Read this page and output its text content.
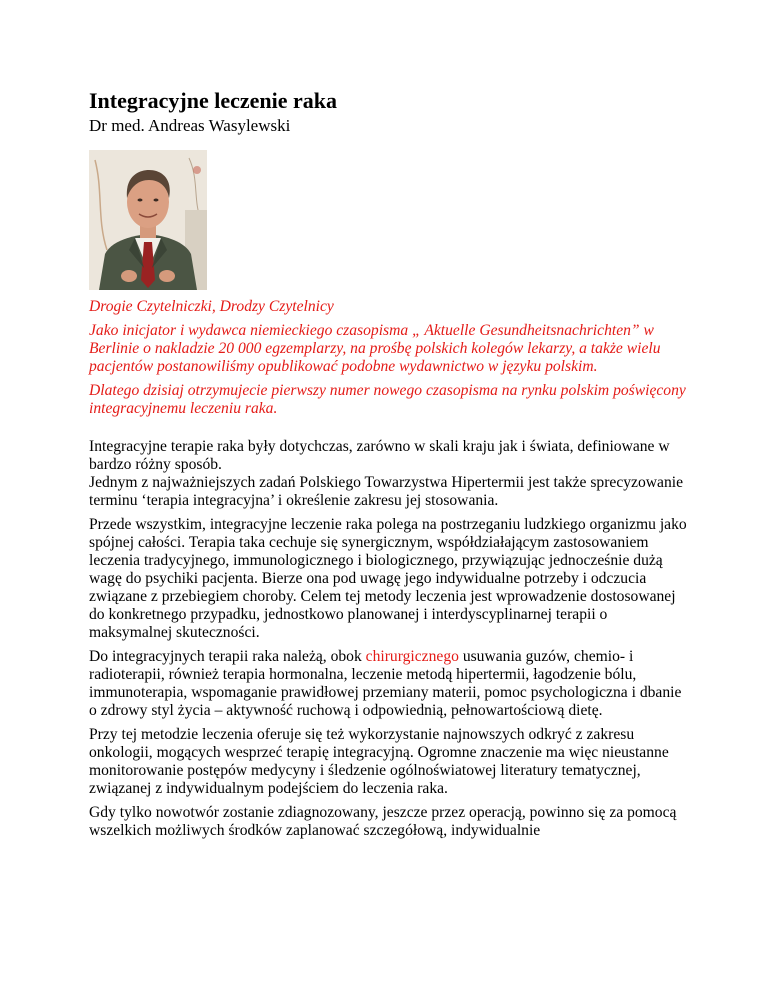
Integracyjne leczenie raka
Dr med. Andreas Wasylewski

Drogie Czytelniczki, Drodzy Czytelnicy

Jako inicjator i wydawca niemieckiego czasopisma „ Aktuelle Gesundheitsnachrichten” w Berlinie o nakladzie 20 000 egzemplarzy, na prośbę polskich kolegów lekarzy, a także wielu pacjentów postanowiliśmy opublikować podobne wydawnictwo w języku polskim.

Dlatego dzisiaj otrzymujecie pierwszy numer nowego czasopisma na rynku polskim poświęcony integracyjnemu leczeniu raka.

Integracyjne terapie raka były dotychczas, zarówno w skali kraju jak i świata, definiowane w bardzo różny sposób.
Jednym z najważniejszych zadań Polskiego Towarzystwa Hipertermii jest także sprecyzowanie terminu ‘terapia integracyjna’ i określenie zakresu jej stosowania.

Przede wszystkim, integracyjne leczenie raka polega na postrzeganiu ludzkiego organizmu jako spójnej całości. Terapia taka cechuje się synergicznym, współdziałającym zastosowaniem leczenia tradycyjnego, immunologicznego i biologicznego, przywiązując jednocześnie dużą wagę do psychiki pacjenta. Bierze ona pod uwagę jego indywidualne potrzeby i odczucia związane z przebiegiem choroby. Celem tej metody leczenia jest wprowadzenie dostosowanej do konkretnego przypadku, jednostkowo planowanej i interdyscyplinarnej terapii o maksymalnej skuteczności.

Do integracyjnych terapii raka należą, obok chirurgicznego usuwania guzów, chemio- i radioterapii, również terapia hormonalna, leczenie metodą hipertermii, łagodzenie bólu, immunoterapia, wspomaganie prawidłowej przemiany materii, pomoc psychologiczna i dbanie o zdrowy styl życia – aktywność ruchową i odpowiednią, pełnowartościową dietę.

Przy tej metodzie leczenia oferuje się też wykorzystanie najnowszych odkryć z zakresu onkologii, mogących wesprzeć terapię integracyjną. Ogromne znaczenie ma więc nieustanne monitorowanie postępów medycyny i śledzenie ogólnoświatowej literatury tematycznej, związanej z indywidualnym podejściem do leczenia raka.

Gdy tylko nowotwór zostanie zdiagnozowany, jeszcze przez operacją, powinno się za pomocą wszelkich możliwych środków zaplanować szczegółową, indywidualnie
